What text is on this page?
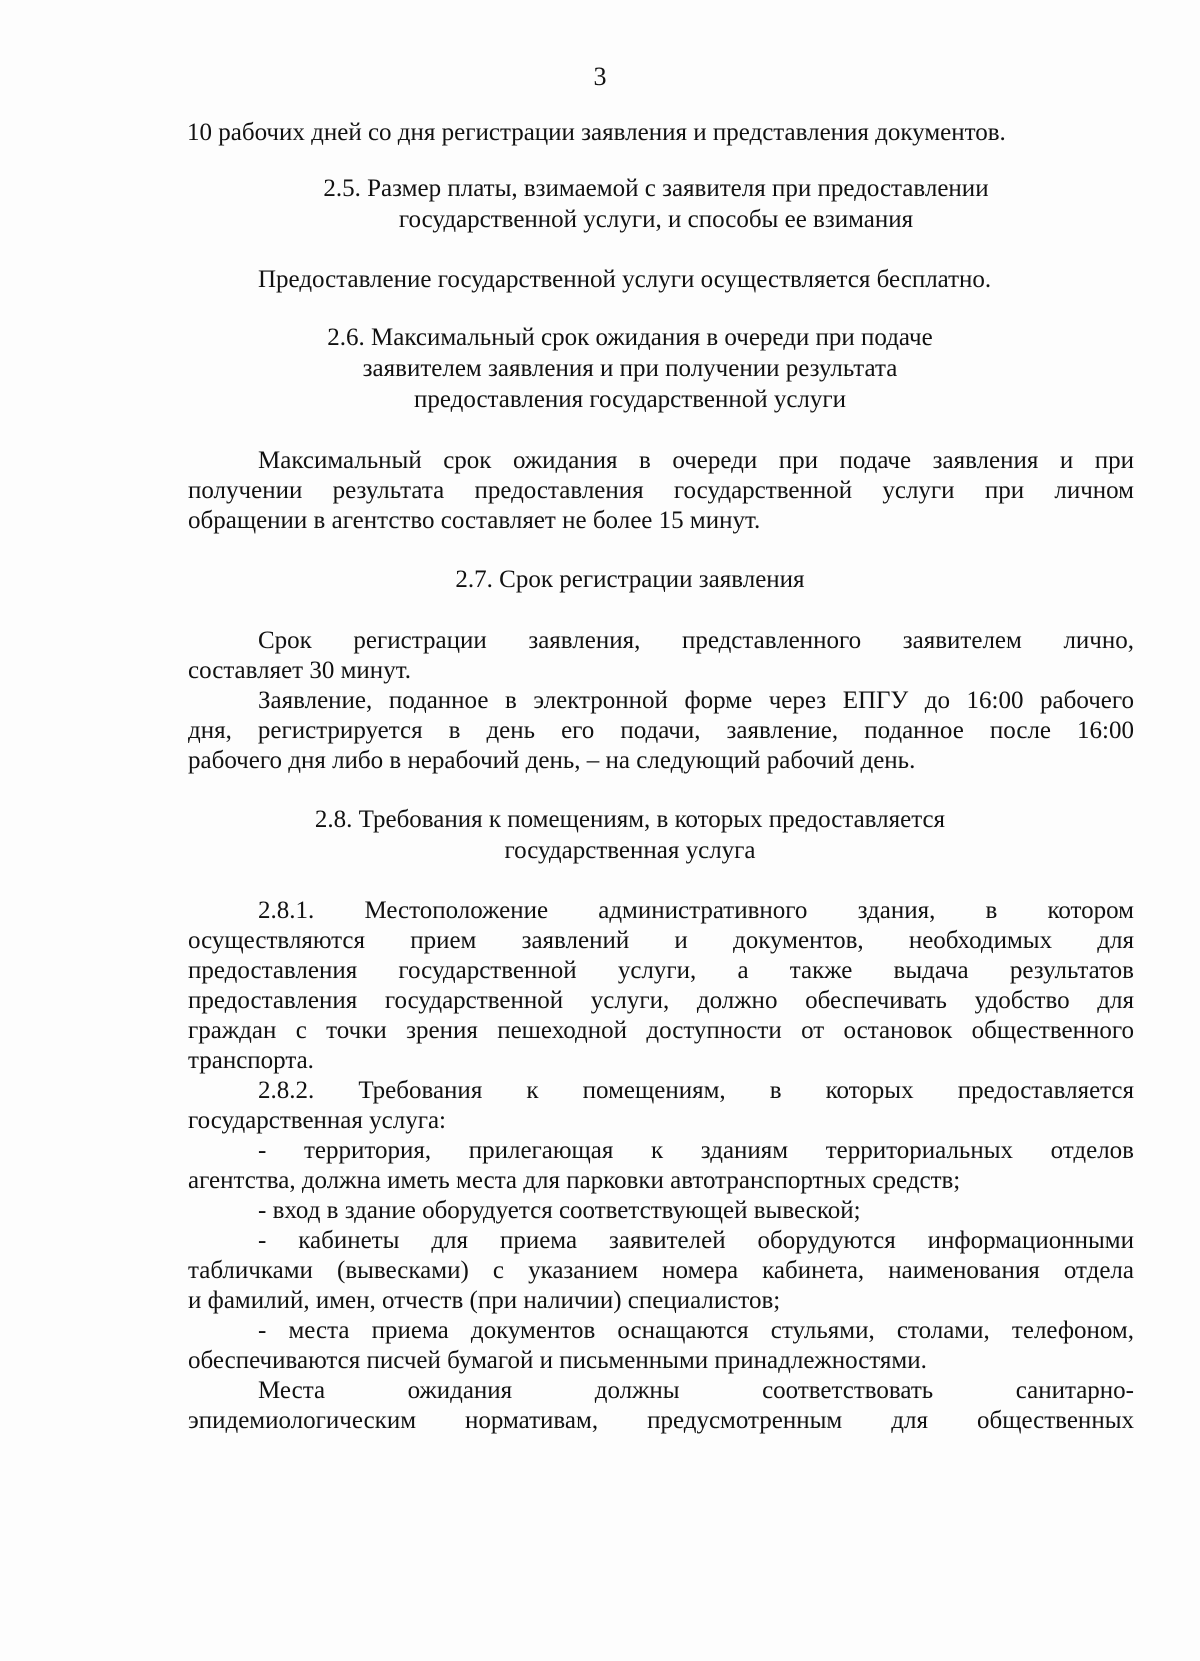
3
10 рабочих дней со дня регистрации заявления и представления документов.
2.5. Размер платы, взимаемой с заявителя при предоставлении
государственной услуги, и способы ее взимания
Предоставление государственной услуги осуществляется бесплатно.
2.6. Максимальный срок ожидания в очереди при подаче
заявителем заявления и при получении результата
предоставления государственной услуги
Максимальный срок ожидания в очереди при подаче заявления и при
получении результата предоставления государственной услуги при личном
обращении в агентство составляет не более 15 минут.
2.7. Срок регистрации заявления
Срок регистрации заявления, представленного заявителем лично,
составляет 30 минут.
Заявление, поданное в электронной форме через ЕПГУ до 16:00 рабочего
дня, регистрируется в день его подачи, заявление, поданное после 16:00
рабочего дня либо в нерабочий день, – на следующий рабочий день.
2.8. Требования к помещениям, в которых предоставляется
государственная услуга
2.8.1. Местоположение административного здания, в котором
осуществляются прием заявлений и документов, необходимых для
предоставления государственной услуги, а также выдача результатов
предоставления государственной услуги, должно обеспечивать удобство для
граждан с точки зрения пешеходной доступности от остановок общественного
транспорта.
2.8.2. Требования к помещениям, в которых предоставляется
государственная услуга:
- территория, прилегающая к зданиям территориальных отделов
агентства, должна иметь места для парковки автотранспортных средств;
- вход в здание оборудуется соответствующей вывеской;
- кабинеты для приема заявителей оборудуются информационными
табличками (вывесками) с указанием номера кабинета, наименования отдела
и фамилий, имен, отчеств (при наличии) специалистов;
- места приема документов оснащаются стульями, столами, телефоном,
обеспечиваются писчей бумагой и письменными принадлежностями.
Места ожидания должны соответствовать санитарно-
эпидемиологическим нормативам, предусмотренным для общественных
